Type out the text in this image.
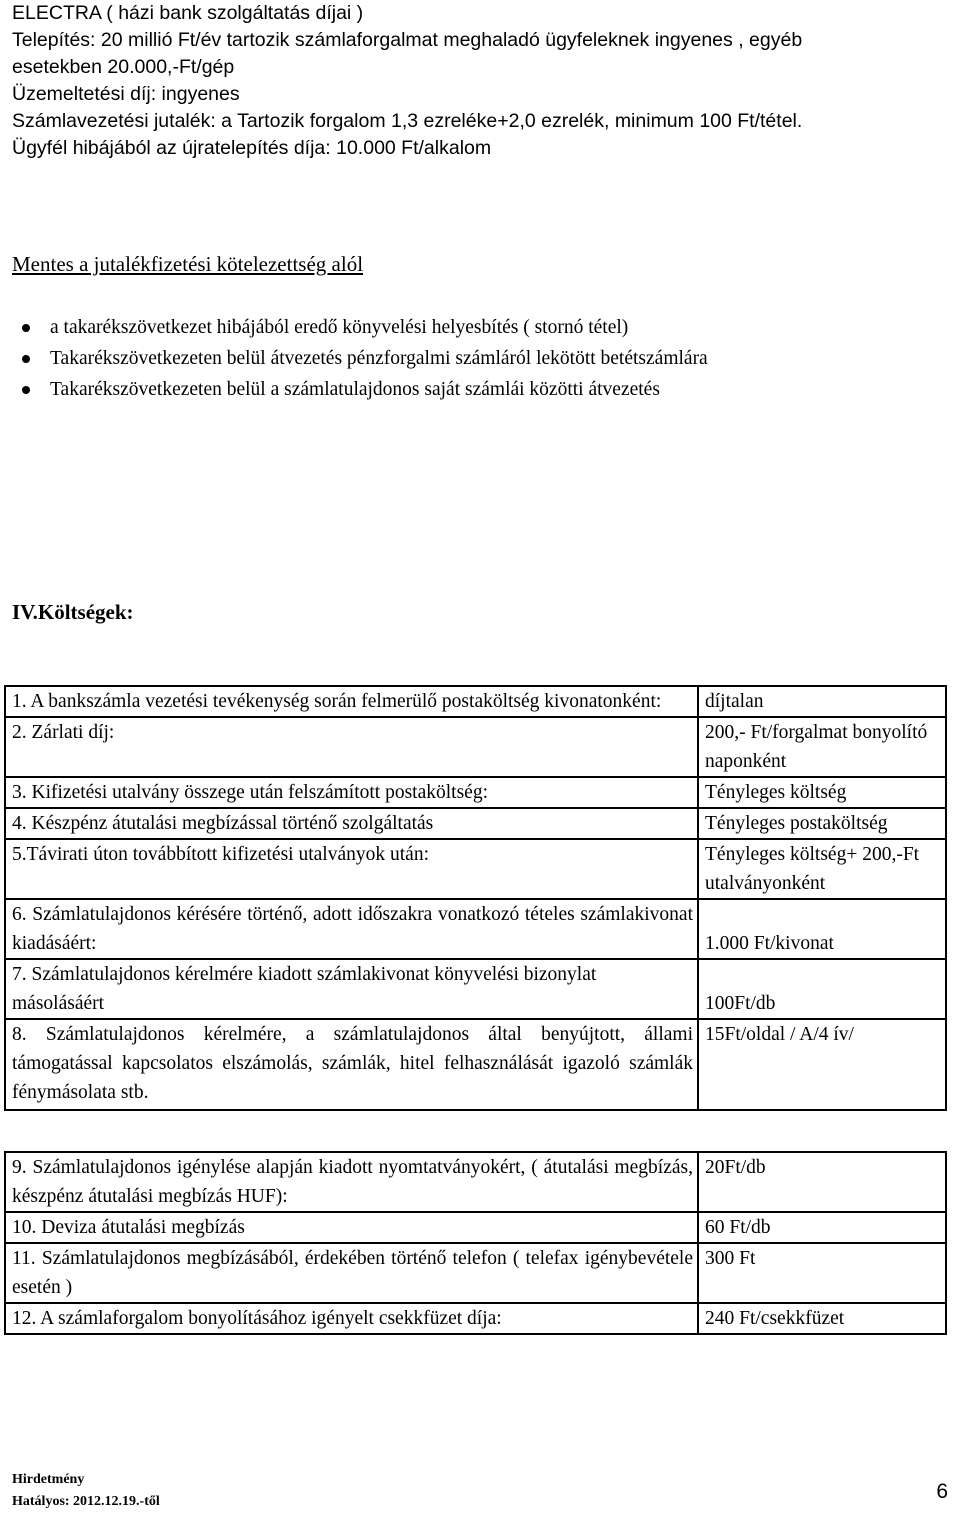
ELECTRA ( házi bank szolgáltatás díjai )
Telepítés: 20 millió Ft/év tartozik számlaforgalmat meghaladó ügyfeleknek ingyenes , egyéb
esetekben 20.000,-Ft/gép
Üzemeltetési díj: ingyenes
Számlavezetési jutalék: a Tartozik forgalom 1,3 ezreléke+2,0 ezrelék, minimum 100 Ft/tétel.
Ügyfél hibájából az újratelepítés díja: 10.000 Ft/alkalom
Mentes a jutalékfizetési kötelezettség alól
a takarékszövetkezet hibájából eredő könyvelési helyesbítés ( stornó tétel)
Takarékszövetkezeten belül átvezetés pénzforgalmi számláról lekötött betétszámlára
Takarékszövetkezeten belül a számlatulajdonos saját számlái közötti átvezetés
IV.Költségek:
1. A bankszámla vezetési tevékenység során felmerülő postaköltség kivonatonként:	díjtalan
2. Zárlati díj:	200,- Ft/forgalmat bonyolító naponként
3. Kifizetési utalvány összege után felszámított postaköltség:	Tényleges költség
4. Készpénz átutalási megbízással történő szolgáltatás	Tényleges postaköltség
5.Távirati úton továbbított kifizetési utalványok után:	Tényleges költség+ 200,-Ft utalványonként
6. Számlatulajdonos kérésére történő, adott időszakra vonatkozó tételes számlakivonat kiadásáért:	1.000 Ft/kivonat
7. Számlatulajdonos kérelmére kiadott számlakivonat könyvelési bizonylat másolásáért	100Ft/db
8. Számlatulajdonos kérelmére, a számlatulajdonos által benyújtott, állami támogatással kapcsolatos elszámolás, számlák, hitel felhasználását igazoló számlák fénymásolata stb.	15Ft/oldal / A/4 ív/
9. Számlatulajdonos igénylése alapján kiadott nyomtatványokért, ( átutalási megbízás, készpénz átutalási megbízás HUF):	20Ft/db
10. Deviza átutalási megbízás	60 Ft/db
11. Számlatulajdonos megbízásából, érdekében történő telefon ( telefax igénybevétele esetén )	300 Ft
12. A számlaforgalom bonyolításához igényelt csekkfüzet díja:	240 Ft/csekkfüzet
Hirdetmény
Hatályos: 2012.12.19.-től	6
